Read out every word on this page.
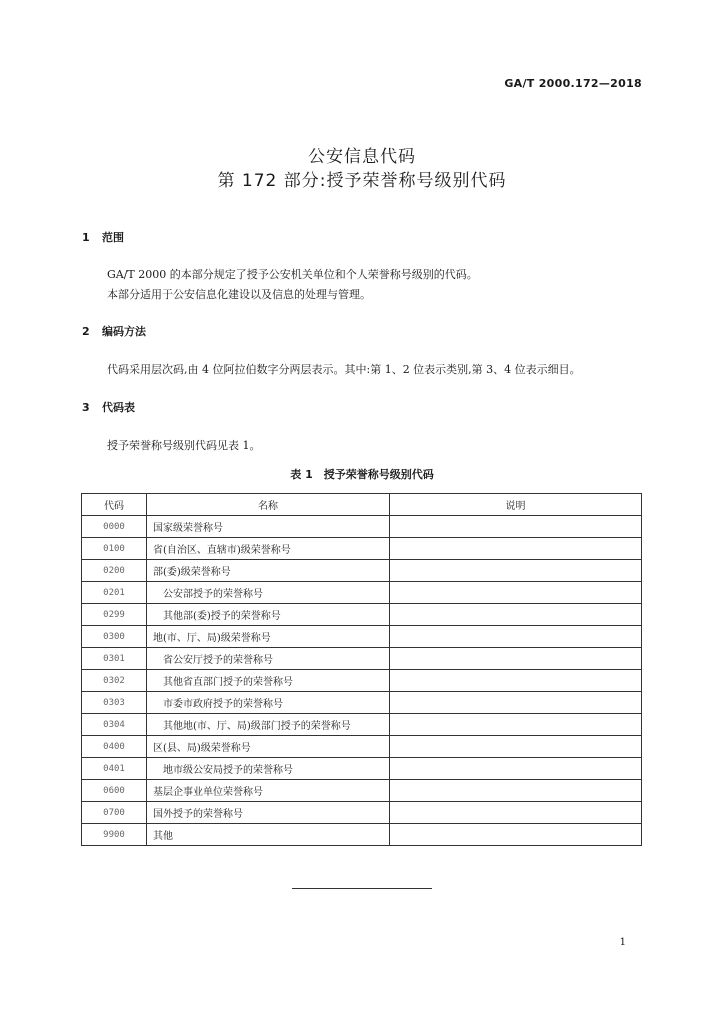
GA/T 2000.172—2018
公安信息代码
第 172 部分:授予荣誉称号级别代码
1 范围
GA/T 2000 的本部分规定了授予公安机关单位和个人荣誉称号级别的代码。
本部分适用于公安信息化建设以及信息的处理与管理。
2 编码方法
代码采用层次码,由 4 位阿拉伯数字分两层表示。其中:第 1、2 位表示类别,第 3、4 位表示细目。
3 代码表
授予荣誉称号级别代码见表 1。
表 1　授予荣誉称号级别代码
代码	名称	说明
0000	国家级荣誉称号	
0100	省(自治区、直辖市)级荣誉称号	
0200	部(委)级荣誉称号	
0201	公安部授予的荣誉称号	
0299	其他部(委)授予的荣誉称号	
0300	地(市、厅、局)级荣誉称号	
0301	省公安厅授予的荣誉称号	
0302	其他省直部门授予的荣誉称号	
0303	市委市政府授予的荣誉称号	
0304	其他地(市、厅、局)级部门授予的荣誉称号	
0400	区(县、局)级荣誉称号	
0401	地市级公安局授予的荣誉称号	
0600	基层企事业单位荣誉称号	
0700	国外授予的荣誉称号	
9900	其他	
1
